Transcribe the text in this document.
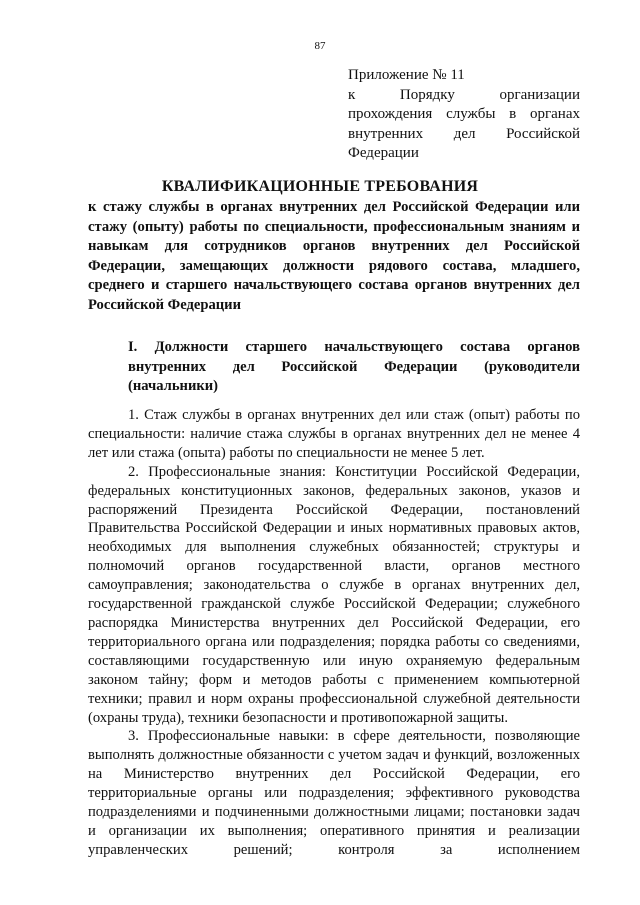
87
Приложение № 11
к Порядку организации прохождения службы в органах внутренних дел Российской Федерации
КВАЛИФИКАЦИОННЫЕ ТРЕБОВАНИЯ
к стажу службы в органах внутренних дел Российской Федерации или стажу (опыту) работы по специальности, профессиональным знаниям и навыкам для сотрудников органов внутренних дел Российской Федерации, замещающих должности рядового состава, младшего, среднего и старшего начальствующего состава органов внутренних дел Российской Федерации
I. Должности старшего начальствующего состава органов внутренних дел Российской Федерации (руководители (начальники)

1. Стаж службы в органах внутренних дел или стаж (опыт) работы по специальности: наличие стажа службы в органах внутренних дел не менее 4 лет или стажа (опыта) работы по специальности не менее 5 лет.

2. Профессиональные знания: Конституции Российской Федерации, федеральных конституционных законов, федеральных законов, указов и распоряжений Президента Российской Федерации, постановлений Правительства Российской Федерации и иных нормативных правовых актов, необходимых для выполнения служебных обязанностей; структуры и полномочий органов государственной власти, органов местного самоуправления; законодательства о службе в органах внутренних дел, государственной гражданской службе Российской Федерации; служебного распорядка Министерства внутренних дел Российской Федерации, его территориального органа или подразделения; порядка работы со сведениями, составляющими государственную или иную охраняемую федеральным законом тайну; форм и методов работы с применением компьютерной техники; правил и норм охраны профессиональной служебной деятельности (охраны труда), техники безопасности и противопожарной защиты.

3. Профессиональные навыки: в сфере деятельности, позволяющие выполнять должностные обязанности с учетом задач и функций, возложенных на Министерство внутренних дел Российской Федерации, его территориальные органы или подразделения; эффективного руководства подразделениями и подчиненными должностными лицами; постановки задач и организации их выполнения; оперативного принятия и реализации управленческих решений; контроля за исполнением
